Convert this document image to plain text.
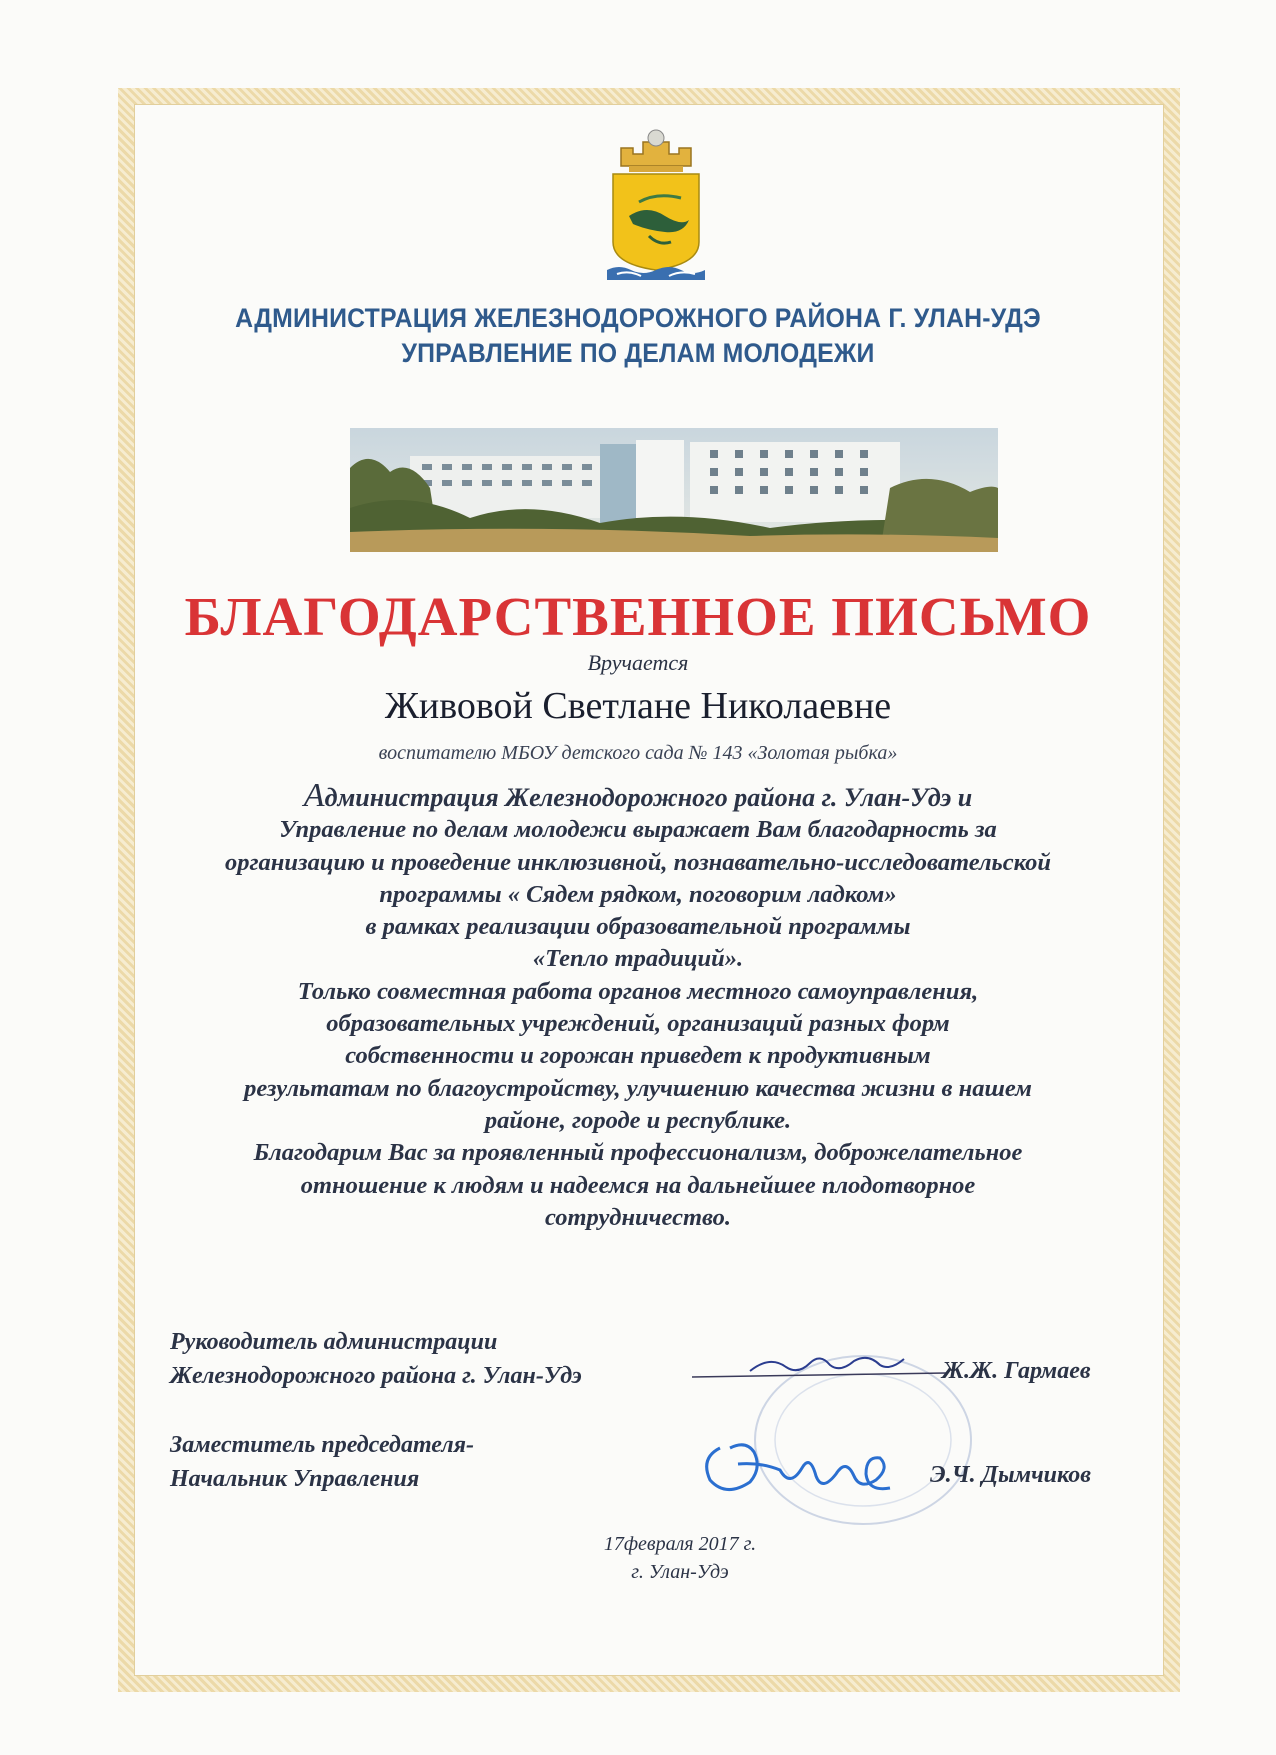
АДМИНИСТРАЦИЯ ЖЕЛЕЗНОДОРОЖНОГО РАЙОНА Г. УЛАН-УДЭ
УПРАВЛЕНИЕ ПО ДЕЛАМ МОЛОДЕЖИ
БЛАГОДАРСТВЕННОЕ ПИСЬМО
Вручается
Живовой Светлане Николаевне
воспитателю МБОУ детского сада № 143 «Золотая рыбка»
Администрация Железнодорожного района г. Улан-Удэ и
Управление по делам молодежи выражает Вам благодарность за
организацию и проведение инклюзивной, познавательно-исследовательской
программы « Сядем рядком, поговорим ладком»
в рамках реализации образовательной программы
«Тепло традиций».
Только совместная работа органов местного самоуправления,
образовательных учреждений, организаций разных форм
собственности и горожан приведет к продуктивным
результатам по благоустройству, улучшению качества жизни в нашем
районе, городе и республике.
Благодарим Вас за проявленный профессионализм, доброжелательное
отношение к людям и надеемся на дальнейшее плодотворное
сотрудничество.
Руководитель администрации
Железнодорожного района г. Улан-Удэ	Ж.Ж. Гармаев
Заместитель председателя-
Начальник Управления	Э.Ч. Дымчиков
17февраля 2017 г.
г. Улан-Удэ
